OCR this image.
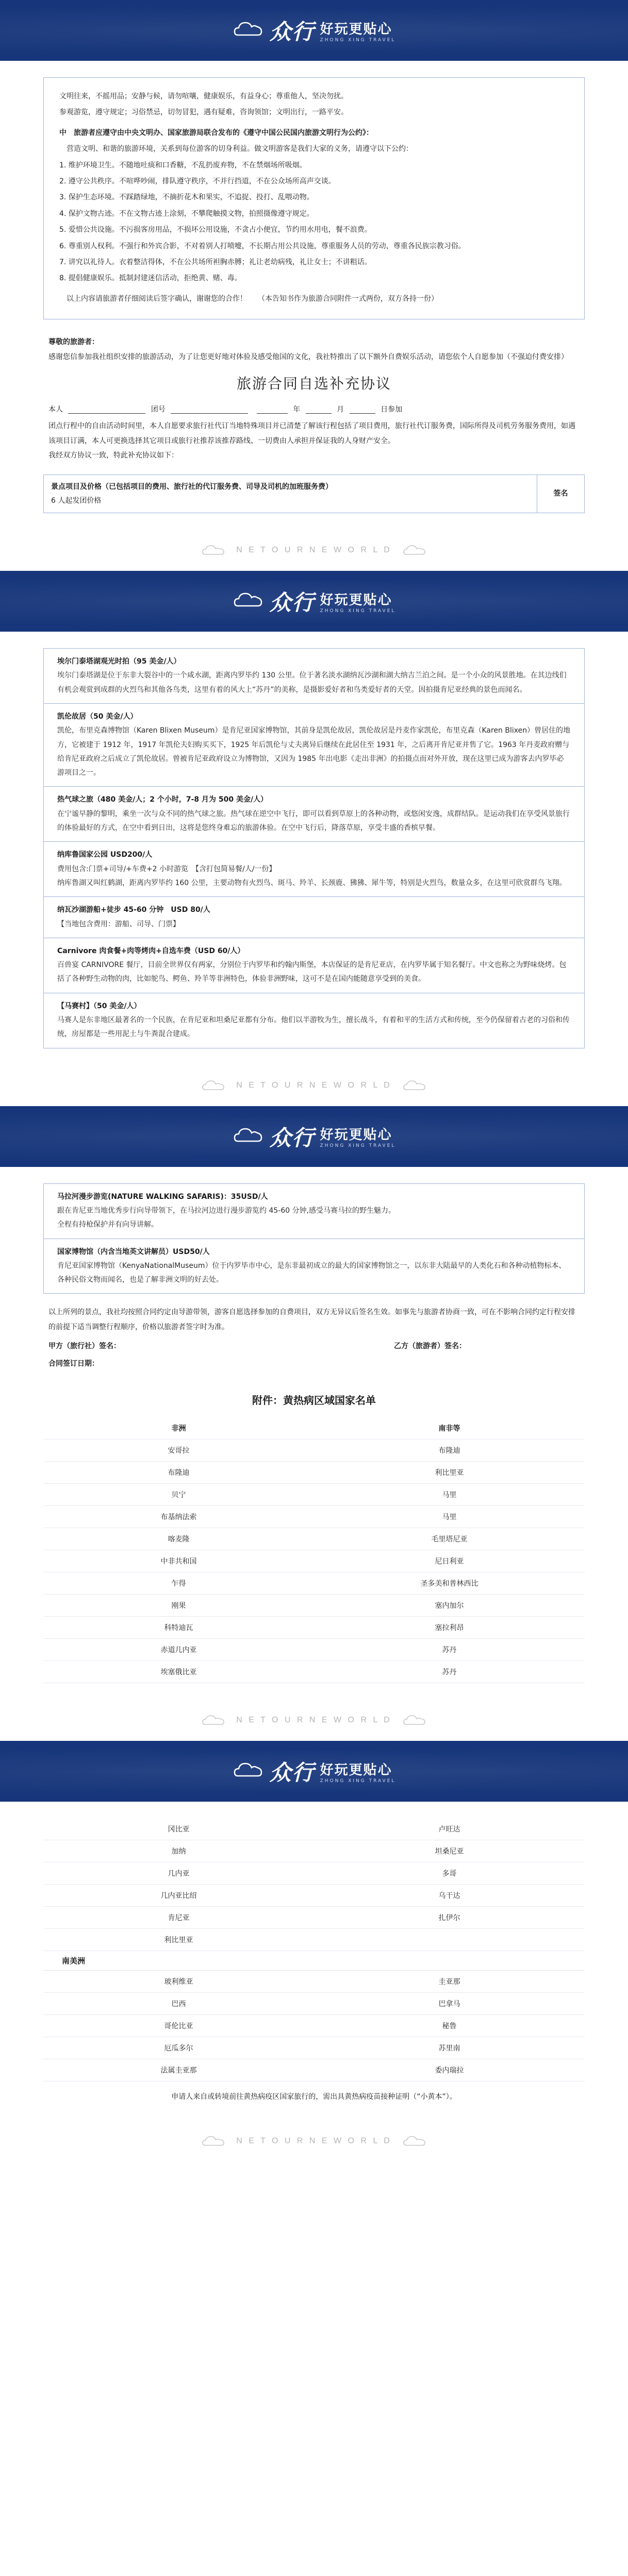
众行 好玩更贴心
ZHONG XING TRAVEL

文明往来，不摇用品；安静与候，请勿喧嚷，健康娱乐，有益身心；尊重他人，坚决勿扰。

参观游览，遵守规定；习俗禁忌，切勿冒犯，遇有疑难，咨询领馆；文明出行，一路平安。

中　旅游者应遵守由中央文明办、国家旅游局联合发布的《遵守中国公民国内旅游文明行为公约》：

营造文明、和谐的旅游环境，关系到每位游客的切身利益。做文明游客是我们大家的义务，请遵守以下公约：

1. 维护环境卫生。不随地吐痰和口香糖，不乱扔废弃物，不在禁烟场所吸烟。

2. 遵守公共秩序。不喧哗吵闹，排队遵守秩序，不并行挡道，不在公众场所高声交谈。

3. 保护生态环境。不踩踏绿地，不摘折花木和果实，不追捉、投打、乱喂动物。

4. 保护文物古迹。不在文物古迹上涂刻，不攀爬触摸文物，拍照摄像遵守规定。

5. 爱惜公共设施。不污损客房用品，不损坏公用设施，不贪占小便宜，节约用水用电，餐不浪费。

6. 尊重别人权利。不强行和外宾合影，不对着别人打喷嚏，不长期占用公共设施，尊重服务人员的劳动，尊重各民族宗教习俗。

7. 讲究以礼待人。衣着整洁得体，不在公共场所袒胸赤膊；礼让老幼病残，礼让女士；不讲粗话。

8. 提倡健康娱乐。抵制封建迷信活动，拒绝黄、赌、毒。

以上内容请旅游者仔细阅读后签字确认，谢谢您的合作！　　（本告知书作为旅游合同附件一式两份，双方各持一份）

尊敬的旅游者：

感谢您信参加我社组织安排的旅游活动，为了让您更好地对体验及感受他国的文化，我社特推出了以下额外自费娱乐活动，请您依个人自愿参加（不强迫付费安排）

旅游合同自选补充协议
本人	团号	年	月	日参加

团点行程中的自由活动时间里，本人自愿要求旅行社代订当地特殊项目并已清楚了解该行程包括了项目费用，旅行社代订服务费，国际所得及司机劳务服务费用，如遇该项目订满，本人可更换选择其它项目或旅行社推荐该推荐路线、一切费由人承担并保证我的人身财产安全。

我经双方协议一致，特此补充协议如下：

景点项目及价格（已包括项目的费用、旅行社的代订服务费、司导及司机的加班服务费）
6 人起发团价格
	签名
N E T O U R N E W O R L D
众行 好玩更贴心
ZHONG XING TRAVEL
埃尔门泰塔湖观光时拍（95 美金/人）
埃尔门泰塔湖是位于东非大裂谷中的一个咸水湖，距离内罗毕约 130 公里。位于著名淡水湖纳瓦沙湖和湖大纳吉兰泊之间。是一个小众的风景胜地。在其边线们有机会观赏到成群的火烈鸟和其他各鸟类，这里有着的风大上“苏丹”的美称，是摄影爱好者和鸟类爱好者的天堂。因拍摄肯尼亚经典的景色而闻名。
凯伦故居（50 美金/人）
凯伦，布里克森博物馆（Karen Blixen Museum）是肯尼亚国家博物馆，其前身是凯伦故居，凯伦故居是丹麦作家凯伦，布里克森（Karen Blixen）曾居住的地方，它被建于 1912 年，1917 年凯伦夫妇购买买下，1925 年后凯伦与丈夫离异后继续在此居住至 1931 年，之后离开肯尼亚并售了它。1963 年丹麦政府赠与给肯尼亚政府之后成立了凯伦故居。曾被肯尼亚政府设立为博物馆，又因为 1985 年出电影《走出非洲》的拍摄点而对外开放，现在这里已成为游客去内罗毕必游项目之一。
热气球之旅（480 美金/人；2 个小时，7-8 月为 500 美金/人）
在宁谧早静的黎明，乘坐一次与众不同的热气球之旅。热气球在逆空中飞行，即可以看到草原上的各种动物，或悠闲安逸，成群结队。是运动我们在享受风景旅行的体验最好的方式，在空中看到日出，这将是您终身难忘的旅游体验。在空中飞行后，降落草原，享受丰盛的香槟早餐。
纳库鲁国家公园 USD200/人
费用包含:门票+司导/+车费+2 小时游览　【含打包简易餐/人/一份】
纳库鲁湖又叫红鹤湖，距离内罗毕约 160 公里，主要动物有火烈鸟、斑马、羚羊、长颈鹿、狒狒、犀牛等，特别是火烈鸟，数量众多，在这里可欣赏群鸟飞翔。
纳瓦沙湖游船+徒步 45-60 分钟　USD 80/人
【当地包含费用：游船、司导、门票】
Carnivore 肉食餐+肉等烤肉+自选车费（USD 60/人）
百兽宴 CARNIVORE 餐厅，目前全世界仅有两家，分别位于内罗毕和约翰内斯堡，本店保证的是肯尼亚店，在内罗毕属于知名餐厅。中文也称之为野味烧烤。包括了各种野生动物的肉，比如鸵鸟、鳄鱼、羚羊等非洲特色，体验非洲野味，这可不是在国内能随意享受到的美食。
【马赛村】（50 美金/人）
马赛人是东非地区最著名的一个民族，在肯尼亚和坦桑尼亚都有分布。他们以半游牧为生，擅长战斗，有着和平的生活方式和传统，至今仍保留着古老的习俗和传统，房屋都是一些用泥土与牛粪混合建成。
N E T O U R N E W O R L D
众行 好玩更贴心
ZHONG XING TRAVEL
马拉河漫步游览(NATURE WALKING SAFARIS)：35USD/人
跟在肯尼亚当地优秀步行向导带领下，在马拉河边进行漫步游览约 45-60 分钟,感受马赛马拉的野生魅力。
全程有持枪保护并有向导讲解。
国家博物馆（内含当地英文讲解员）USD50/人
肯尼亚国家博物馆（KenyaNationalMuseum）位于内罗毕市中心，是东非最初成立的最大的国家博物馆之一，以东非大陆最早的人类化石和各种动植物标本、各种民俗文物而闻名，也是了解非洲文明的好去处。

以上所列的景点，我社均按照合同约定由导游带领，游客自愿选择参加的自费项目，双方无异议后签名生效。如事先与旅游者协商一致，可在不影响合同约定行程安排的前提下适当调整行程顺序，价格以旅游者签字时为准。

甲方（旅行社）签名：	乙方（旅游者）签名：

合同签订日期：

附件：黄热病区域国家名单
非洲	南非等
安哥拉	布隆迪
布隆迪	利比里亚
贝宁	马里
布基纳法索	马里
喀麦隆	毛里塔尼亚
中非共和国	尼日利亚
乍得	圣多美和普林西比
刚果	塞内加尔
科特迪瓦	塞拉利昂
赤道几内亚	苏丹
埃塞俄比亚	苏丹
N E T O U R N E W O R L D
众行 好玩更贴心
ZHONG XING TRAVEL
冈比亚	卢旺达
加纳	坦桑尼亚
几内亚	多哥
几内亚比绍	乌干达
肯尼亚	扎伊尔
利比里亚
南美洲
玻利维亚	圭亚那
巴西	巴拿马
哥伦比亚	秘鲁
厄瓜多尔	苏里南
法属圭亚那	委内瑞拉
申请人来自或转境前往黄热病疫区国家旅行的，需出具黄热病疫苗接种证明（“小黄本”）。
N E T O U R N E W O R L D
